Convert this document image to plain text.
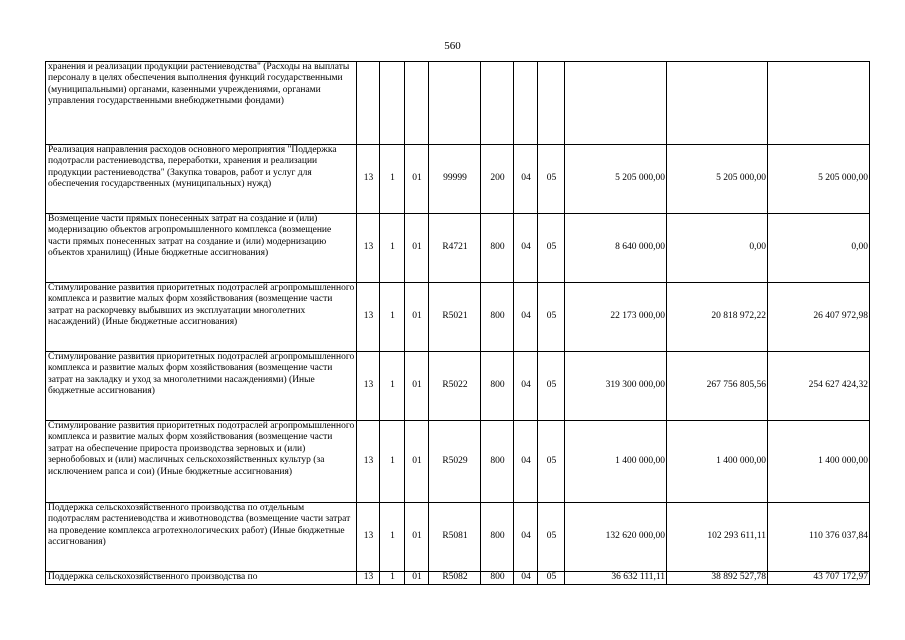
560
хранения и реализации продукции растениеводства" (Расходы на выплаты персоналу в целях обеспечения выполнения функций государственными (муниципальными) органами, казенными учреждениями, органами управления государственными внебюджетными фондами)										
Реализация направления расходов основного мероприятия "Поддержка подотрасли растениеводства, переработки, хранения и реализации продукции растениеводства" (Закупка товаров, работ и услуг для обеспечения государственных (муниципальных) нужд)	13	1	01	99999	200	04	05	5 205 000,00	5 205 000,00	5 205 000,00
Возмещение части прямых понесенных затрат на создание и (или) модернизацию объектов агропромышленного комплекса (возмещение части прямых понесенных затрат на создание и (или) модернизацию объектов хранилищ) (Иные бюджетные ассигнования)	13	1	01	R4721	800	04	05	8 640 000,00	0,00	0,00
Стимулирование развития приоритетных подотраслей агропромышленного комплекса и развитие малых форм хозяйствования (возмещение части затрат на раскорчевку выбывших из эксплуатации многолетних насаждений) (Иные бюджетные ассигнования)	13	1	01	R5021	800	04	05	22 173 000,00	20 818 972,22	26 407 972,98
Стимулирование развития приоритетных подотраслей агропромышленного комплекса и развитие малых форм хозяйствования (возмещение части затрат на закладку и уход за многолетними насаждениями) (Иные бюджетные ассигнования)	13	1	01	R5022	800	04	05	319 300 000,00	267 756 805,56	254 627 424,32
Стимулирование развития приоритетных подотраслей агропромышленного комплекса и развитие малых форм хозяйствования (возмещение части затрат на обеспечение прироста производства зерновых и (или) зернобобовых и (или) масличных сельскохозяйственных культур (за исключением рапса и сои) (Иные бюджетные ассигнования)	13	1	01	R5029	800	04	05	1 400 000,00	1 400 000,00	1 400 000,00
Поддержка сельскохозяйственного производства по отдельным подотраслям растениеводства и животноводства (возмещение части затрат на проведение комплекса агротехнологических работ) (Иные бюджетные ассигнования)	13	1	01	R5081	800	04	05	132 620 000,00	102 293 611,11	110 376 037,84
Поддержка сельскохозяйственного производства по	13	1	01	R5082	800	04	05	36 632 111,11	38 892 527,78	43 707 172,97
